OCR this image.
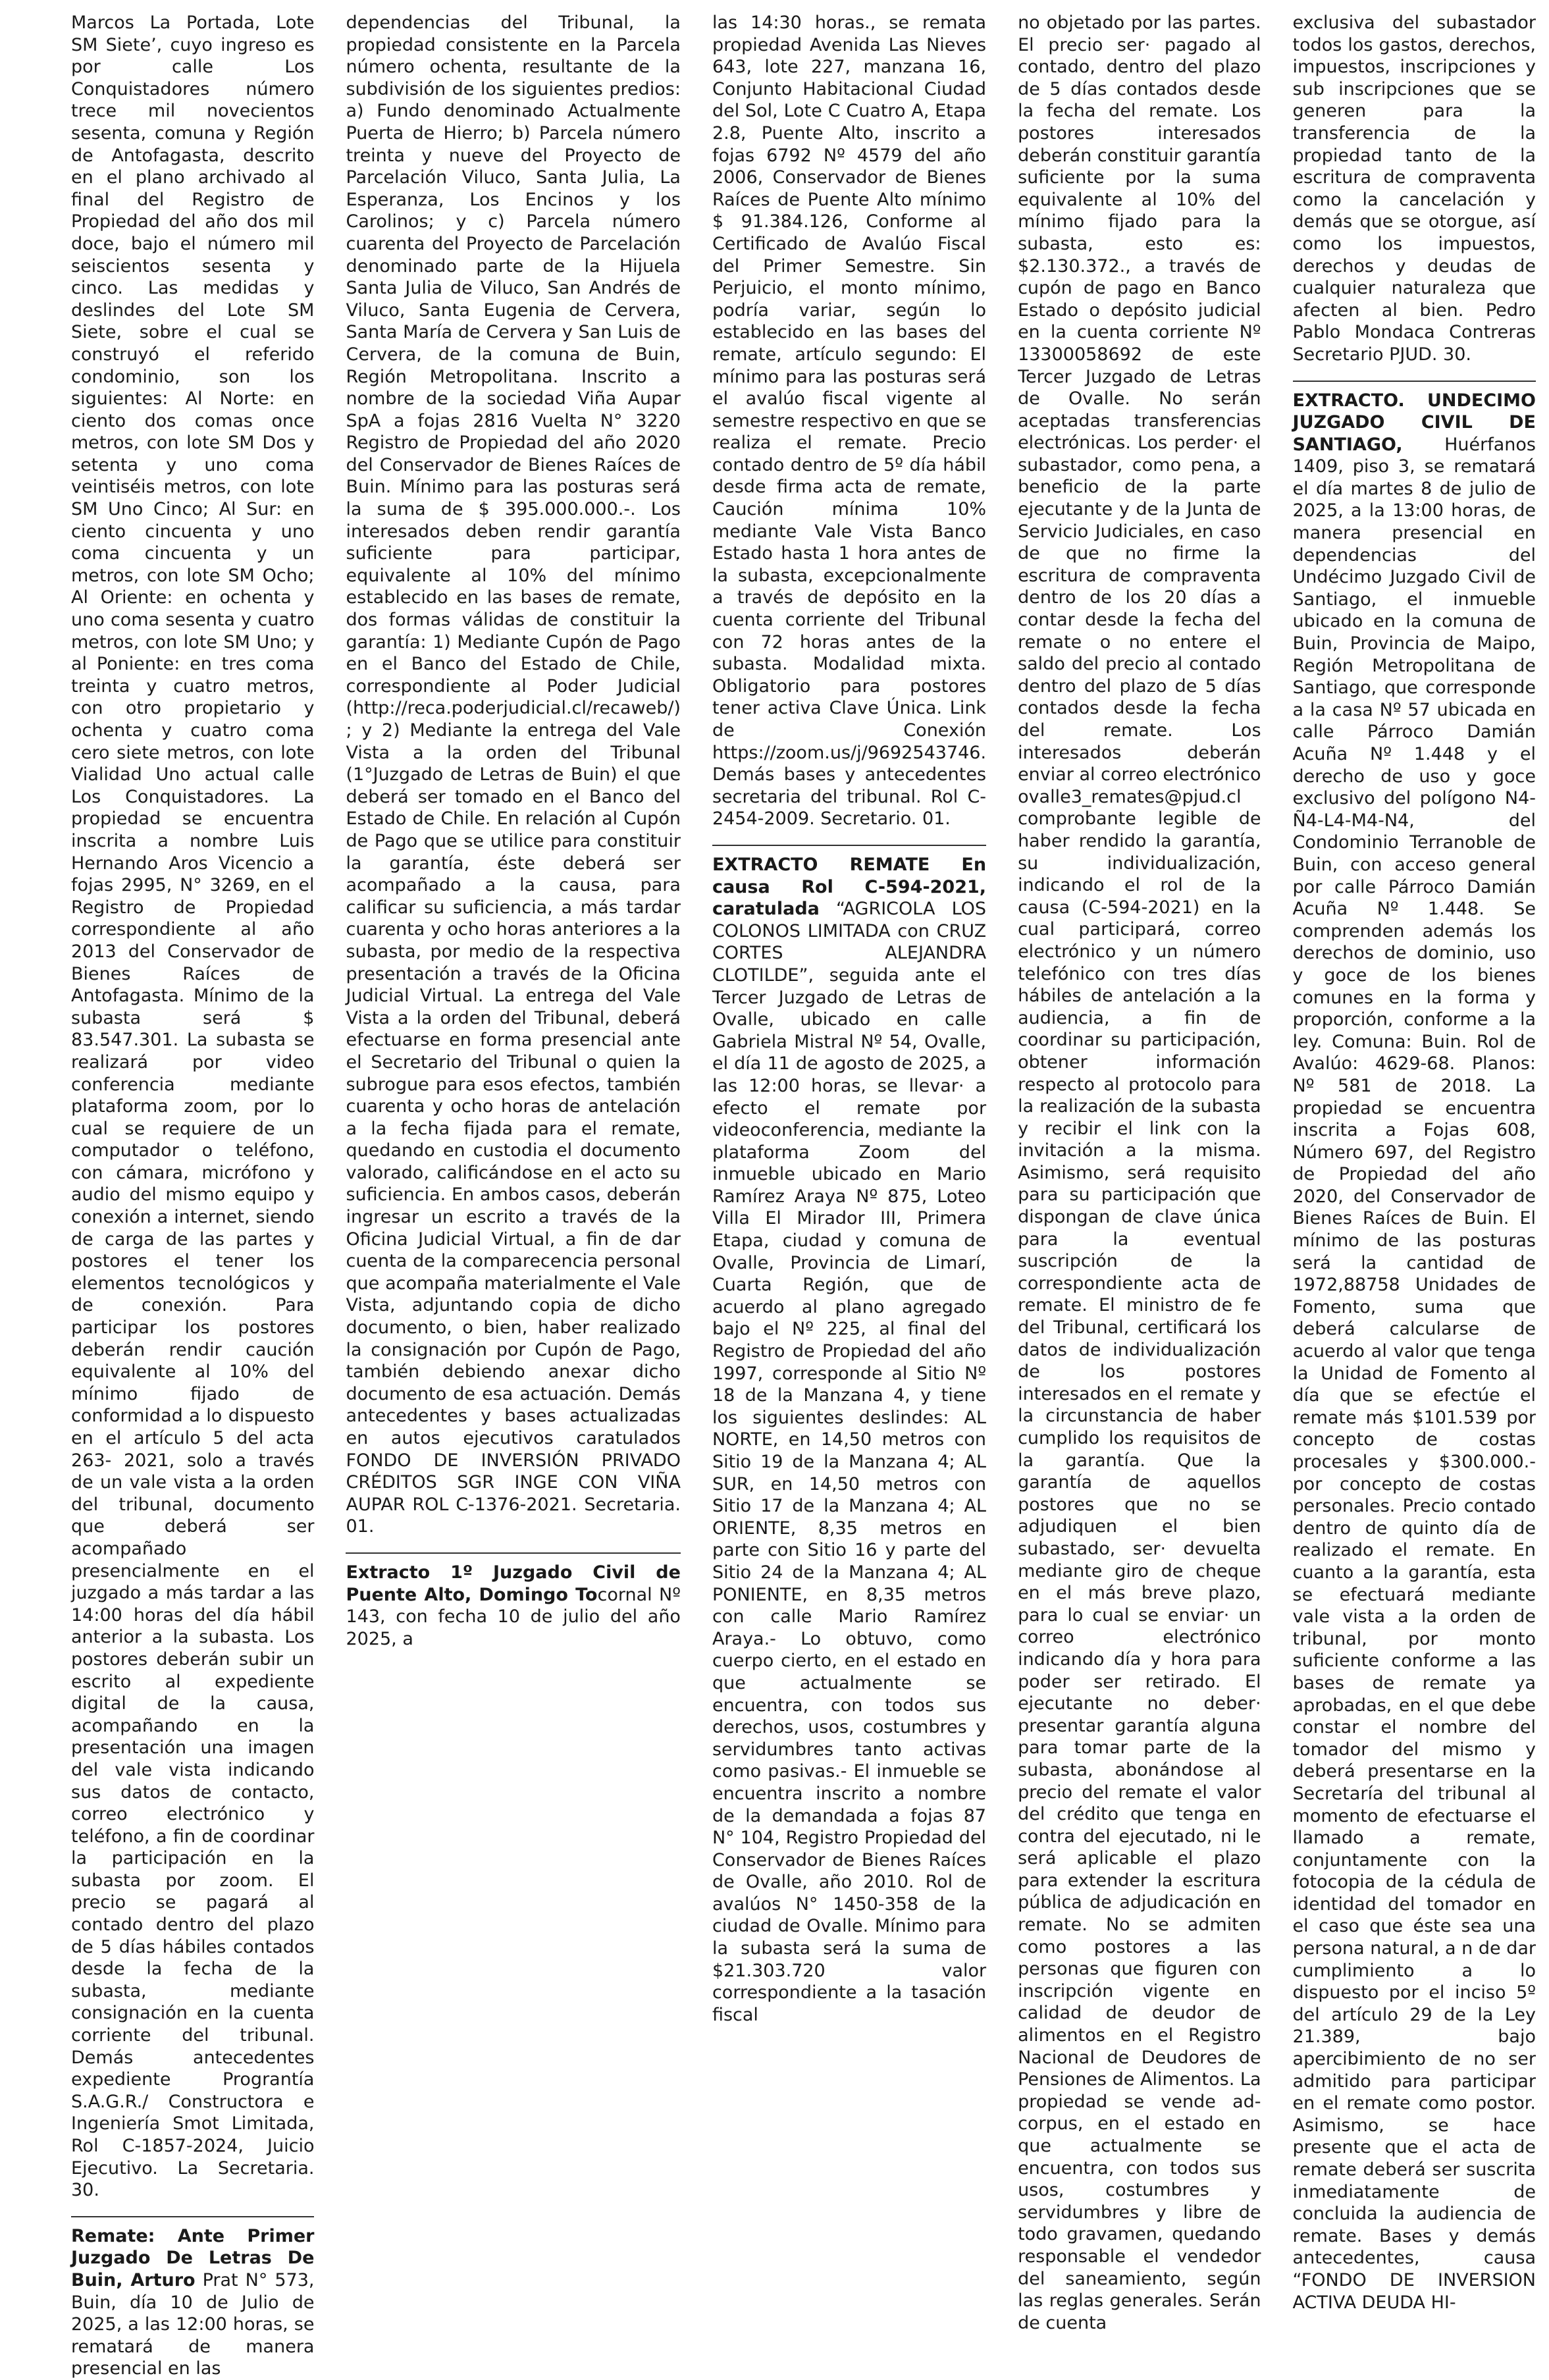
Marcos La Portada, Lote SM Siete’, cuyo ingreso es por calle Los Conquistadores número trece mil novecientos sesenta, comuna y Región de Antofagasta, descrito en el plano archivado al final del Registro de Propiedad del año dos mil doce, bajo el número mil seiscientos sesenta y cinco. Las medidas y deslindes del Lote SM Siete, sobre el cual se construyó el referido condominio, son los siguientes: Al Norte: en ciento dos comas once metros, con lote SM Dos y setenta y uno coma veintiséis metros, con lote SM Uno Cinco; Al Sur: en ciento cincuenta y uno coma cincuenta y un metros, con lote SM Ocho; Al Oriente: en ochenta y uno coma sesenta y cuatro metros, con lote SM Uno; y al Poniente: en tres coma treinta y cuatro metros, con otro propietario y ochenta y cuatro coma cero siete metros, con lote Vialidad Uno actual calle Los Conquistadores. La propiedad se encuentra inscrita a nombre Luis Hernando Aros Vicencio a fojas 2995, N° 3269, en el Registro de Propiedad correspondiente al año 2013 del Conservador de Bienes Raíces de Antofagasta. Mínimo de la subasta será $ 83.547.301. La subasta se realizará por video conferencia mediante plataforma zoom, por lo cual se requiere de un computador o teléfono, con cámara, micrófono y audio del mismo equipo y conexión a internet, siendo de carga de las partes y postores el tener los elementos tecnológicos y de conexión. Para participar los postores deberán rendir caución equivalente al 10% del mínimo fijado de conformidad a lo dispuesto en el artículo 5 del acta 263- 2021, solo a través de un vale vista a la orden del tribunal, documento que deberá ser acompañado presencialmente en el juzgado a más tardar a las 14:00 horas del día hábil anterior a la subasta. Los postores deberán subir un escrito al expediente digital de la causa, acompañando en la presentación una imagen del vale vista indicando sus datos de contacto, correo electrónico y teléfono, a fin de coordinar la participación en la subasta por zoom. El precio se pagará al contado dentro del plazo de 5 días hábiles contados desde la fecha de la subasta, mediante consignación en la cuenta corriente del tribunal. Demás antecedentes expediente Prograntía S.A.G.R./ Constructora e Ingeniería Smot Limitada, Rol C-1857-2024, Juicio Ejecutivo. La Secretaria. 30.

Remate: Ante Primer Juzgado De Letras De Buin, Arturo Prat N° 573, Buin, día 10 de Julio de 2025, a las 12:00 horas, se rematará de manera presencial en las

dependencias del Tribunal, la propiedad consistente en la Parcela número ochenta, resultante de la subdivisión de los siguientes predios: a) Fundo denominado Actualmente Puerta de Hierro; b) Parcela número treinta y nueve del Proyecto de Parcelación Viluco, Santa Julia, La Esperanza, Los Encinos y los Carolinos; y c) Parcela número cuarenta del Proyecto de Parcelación denominado parte de la Hijuela Santa Julia de Viluco, San Andrés de Viluco, Santa Eugenia de Cervera, Santa María de Cervera y San Luis de Cervera, de la comuna de Buin, Región Metropolitana. Inscrito a nombre de la sociedad Viña Aupar SpA a fojas 2816 Vuelta N° 3220 Registro de Propiedad del año 2020 del Conservador de Bienes Raíces de Buin. Mínimo para las posturas será la suma de $ 395.000.000.-. Los interesados deben rendir garantía suficiente para participar, equivalente al 10% del mínimo establecido en las bases de remate, dos formas válidas de constituir la garantía: 1) Mediante Cupón de Pago en el Banco del Estado de Chile, correspondiente al Poder Judicial (http://reca.poderjudicial.cl/recaweb/) ; y 2) Mediante la entrega del Vale Vista a la orden del Tribunal (1°Juzgado de Letras de Buin) el que deberá ser tomado en el Banco del Estado de Chile. En relación al Cupón de Pago que se utilice para constituir la garantía, éste deberá ser acompañado a la causa, para calificar su suficiencia, a más tardar cuarenta y ocho horas anteriores a la subasta, por medio de la respectiva presentación a través de la Oficina Judicial Virtual. La entrega del Vale Vista a la orden del Tribunal, deberá efectuarse en forma presencial ante el Secretario del Tribunal o quien la subrogue para esos efectos, también cuarenta y ocho horas de antelación a la fecha fijada para el remate, quedando en custodia el documento valorado, calificándose en el acto su suficiencia. En ambos casos, deberán ingresar un escrito a través de la Oficina Judicial Virtual, a fin de dar cuenta de la comparecencia personal que acompaña materialmente el Vale Vista, adjuntando copia de dicho documento, o bien, haber realizado la consignación por Cupón de Pago, también debiendo anexar dicho documento de esa actuación. Demás antecedentes y bases actualizadas en autos ejecutivos caratulados FONDO DE INVERSIÓN PRIVADO CRÉDITOS SGR INGE CON VIÑA AUPAR ROL C-1376-2021. Secretaria. 01.

Extracto 1º Juzgado Civil de Puente Alto, Domingo Tocornal Nº 143, con fecha 10 de julio del año 2025, a

las 14:30 horas., se remata propiedad Avenida Las Nieves 643, lote 227, manzana 16, Conjunto Habitacional Ciudad del Sol, Lote C Cuatro A, Etapa 2.8, Puente Alto, inscrito a fojas 6792 Nº 4579 del año 2006, Conservador de Bienes Raíces de Puente Alto mínimo $ 91.384.126, Conforme al Certificado de Avalúo Fiscal del Primer Semestre. Sin Perjuicio, el monto mínimo, podría variar, según lo establecido en las bases del remate, artículo segundo: El mínimo para las posturas será el avalúo fiscal vigente al semestre respectivo en que se realiza el remate. Precio contado dentro de 5º día hábil desde firma acta de remate, Caución mínima 10% mediante Vale Vista Banco Estado hasta 1 hora antes de la subasta, excepcionalmente a través de depósito en la cuenta corriente del Tribunal con 72 horas antes de la subasta. Modalidad mixta. Obligatorio para postores tener activa Clave Única. Link de Conexión https://zoom.us/j/9692543746. Demás bases y antecedentes secretaria del tribunal. Rol C-2454-2009. Secretario. 01.

EXTRACTO REMATE En causa Rol C-594-2021, caratulada “AGRICOLA LOS COLONOS LIMITADA con CRUZ CORTES ALEJANDRA CLOTILDE”, seguida ante el Tercer Juzgado de Letras de Ovalle, ubicado en calle Gabriela Mistral Nº 54, Ovalle, el día 11 de agosto de 2025, a las 12:00 horas, se llevar· a efecto el remate por videoconferencia, mediante la plataforma Zoom del inmueble ubicado en Mario Ramírez Araya Nº 875, Loteo Villa El Mirador III, Primera Etapa, ciudad y comuna de Ovalle, Provincia de Limarí, Cuarta Región, que de acuerdo al plano agregado bajo el Nº 225, al final del Registro de Propiedad del año 1997, corresponde al Sitio Nº 18 de la Manzana 4, y tiene los siguientes deslindes: AL NORTE, en 14,50 metros con Sitio 19 de la Manzana 4; AL SUR, en 14,50 metros con Sitio 17 de la Manzana 4; AL ORIENTE, 8,35 metros en parte con Sitio 16 y parte del Sitio 24 de la Manzana 4; AL PONIENTE, en 8,35 metros con calle Mario Ramírez Araya.- Lo obtuvo, como cuerpo cierto, en el estado en que actualmente se encuentra, con todos sus derechos, usos, costumbres y servidumbres tanto activas como pasivas.- El inmueble se encuentra inscrito a nombre de la demandada a fojas 87 N° 104, Registro Propiedad del Conservador de Bienes Raíces de Ovalle, año 2010. Rol de avalúos N° 1450-358 de la ciudad de Ovalle. Mínimo para la subasta será la suma de $21.303.720 valor correspondiente a la tasación fiscal

no objetado por las partes. El precio ser· pagado al contado, dentro del plazo de 5 días contados desde la fecha del remate. Los postores interesados deberán constituir garantía suficiente por la suma equivalente al 10% del mínimo fijado para la subasta, esto es: $2.130.372., a través de cupón de pago en Banco Estado o depósito judicial en la cuenta corriente Nº 13300058692 de este Tercer Juzgado de Letras de Ovalle. No serán aceptadas transferencias electrónicas. Los perder· el subastador, como pena, a beneficio de la parte ejecutante y de la Junta de Servicio Judiciales, en caso de que no firme la escritura de compraventa dentro de los 20 días a contar desde la fecha del remate o no entere el saldo del precio al contado dentro del plazo de 5 días contados desde la fecha del remate. Los interesados deberán enviar al correo electrónico ovalle3_remates@pjud.cl comprobante legible de haber rendido la garantía, su individualización, indicando el rol de la causa (C-594-2021) en la cual participará, correo electrónico y un número telefónico con tres días hábiles de antelación a la audiencia, a fin de coordinar su participación, obtener información respecto al protocolo para la realización de la subasta y recibir el link con la invitación a la misma. Asimismo, será requisito para su participación que dispongan de clave única para la eventual suscripción de la correspondiente acta de remate. El ministro de fe del Tribunal, certificará los datos de individualización de los postores interesados en el remate y la circunstancia de haber cumplido los requisitos de la garantía. Que la garantía de aquellos postores que no se adjudiquen el bien subastado, ser· devuelta mediante giro de cheque en el más breve plazo, para lo cual se enviar· un correo electrónico indicando día y hora para poder ser retirado. El ejecutante no deber· presentar garantía alguna para tomar parte de la subasta, abonándose al precio del remate el valor del crédito que tenga en contra del ejecutado, ni le será aplicable el plazo para extender la escritura pública de adjudicación en remate. No se admiten como postores a las personas que figuren con inscripción vigente en calidad de deudor de alimentos en el Registro Nacional de Deudores de Pensiones de Alimentos. La propiedad se vende ad-corpus, en el estado en que actualmente se encuentra, con todos sus usos, costumbres y servidumbres y libre de todo gravamen, quedando responsable el vendedor del saneamiento, según las reglas generales. Serán de cuenta

exclusiva del subastador todos los gastos, derechos, impuestos, inscripciones y sub inscripciones que se generen para la transferencia de la propiedad tanto de la escritura de compraventa como la cancelación y demás que se otorgue, así como los impuestos, derechos y deudas de cualquier naturaleza que afecten al bien. Pedro Pablo Mondaca Contreras Secretario PJUD. 30.

EXTRACTO. UNDECIMO JUZGADO CIVIL DE SANTIAGO, Huérfanos 1409, piso 3, se rematará el día martes 8 de julio de 2025, a la 13:00 horas, de manera presencial en dependencias del Undécimo Juzgado Civil de Santiago, el inmueble ubicado en la comuna de Buin, Provincia de Maipo, Región Metropolitana de Santiago, que corresponde a la casa Nº 57 ubicada en calle Párroco Damián Acuña Nº 1.448 y el derecho de uso y goce exclusivo del polígono N4-Ñ4-L4-M4-N4, del Condominio Terranoble de Buin, con acceso general por calle Párroco Damián Acuña Nº 1.448. Se comprenden además los derechos de dominio, uso y goce de los bienes comunes en la forma y proporción, conforme a la ley. Comuna: Buin. Rol de Avalúo: 4629-68. Planos: Nº 581 de 2018. La propiedad se encuentra inscrita a Fojas 608, Número 697, del Registro de Propiedad del año 2020, del Conservador de Bienes Raíces de Buin. El mínimo de las posturas será la cantidad de 1972,88758 Unidades de Fomento, suma que deberá calcularse de acuerdo al valor que tenga la Unidad de Fomento al día que se efectúe el remate más $101.539 por concepto de costas procesales y $300.000.- por concepto de costas personales. Precio contado dentro de quinto día de realizado el remate. En cuanto a la garantía, esta se efectuará mediante vale vista a la orden de tribunal, por monto suficiente conforme a las bases de remate ya aprobadas, en el que debe constar el nombre del tomador del mismo y deberá presentarse en la Secretaría del tribunal al momento de efectuarse el llamado a remate, conjuntamente con la fotocopia de la cédula de identidad del tomador en el caso que éste sea una persona natural, a n de dar cumplimiento a lo dispuesto por el inciso 5º del artículo 29 de la Ley 21.389, bajo apercibimiento de no ser admitido para participar en el remate como postor. Asimismo, se hace presente que el acta de remate deberá ser suscrita inmediatamente de concluida la audiencia de remate. Bases y demás antecedentes, causa “FONDO DE INVERSION ACTIVA DEUDA HI-
